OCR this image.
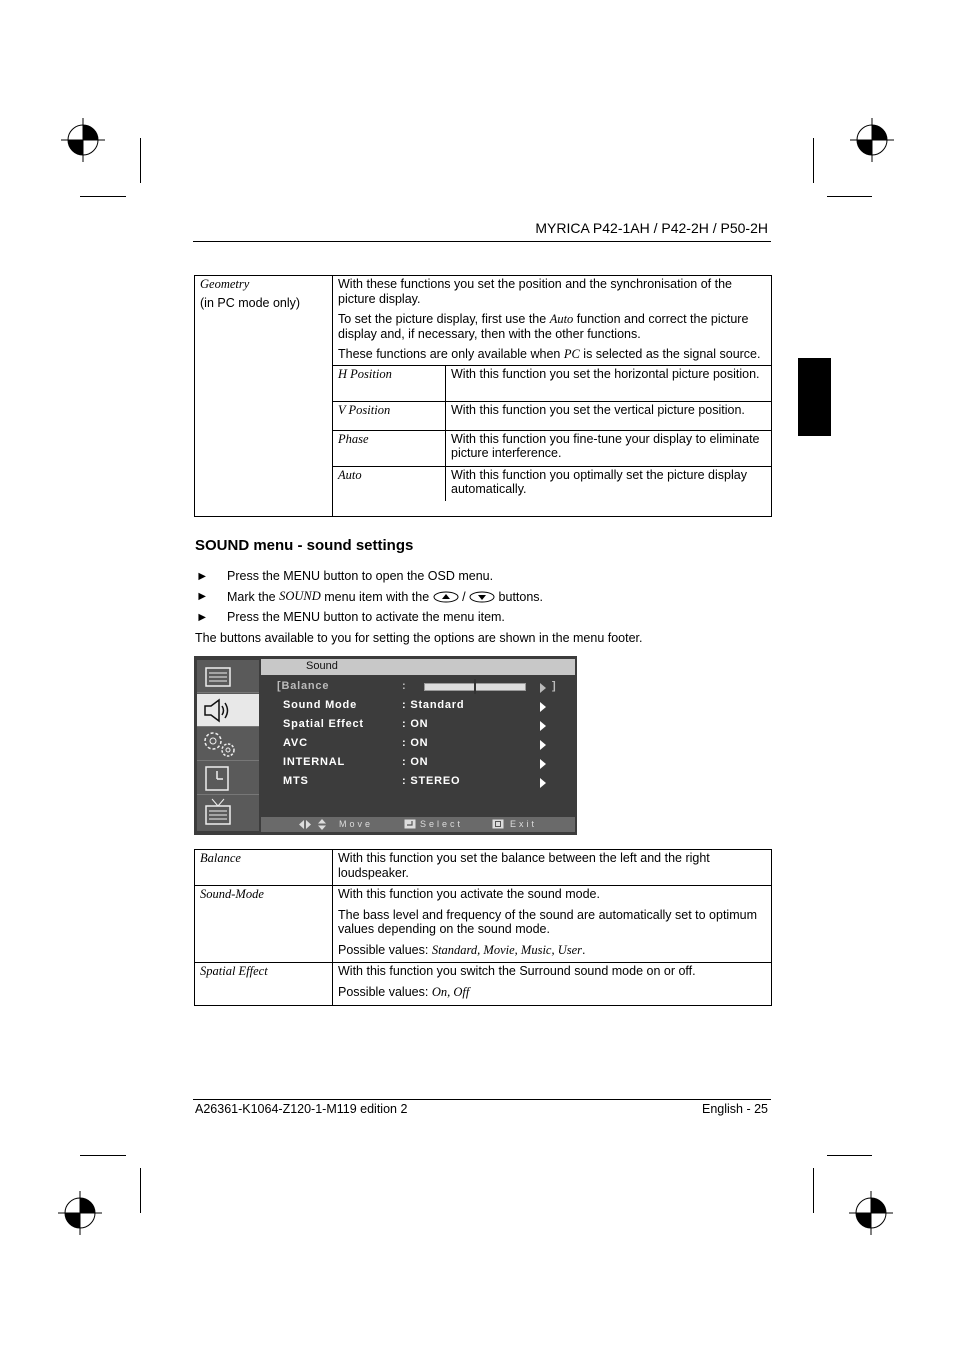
MYRICA P42-1AH / P42-2H / P50-2H
Geometry
(in PC mode only)

With these functions you set the position and the synchronisation of the picture display.

To set the picture display, first use the Auto function and correct the picture display and, if necessary, then with the other functions.

These functions are only available when PC is selected as the signal source.

H Position	With this function you set the horizontal picture position.
V Position	With this function you set the vertical picture position.
Phase	With this function you fine-tune your display to eliminate picture interference.
Auto	With this function you optimally set the picture display automatically.
SOUND menu - sound settings
► Press the MENU button to open the OSD menu.
► Mark the SOUND menu item with the / buttons.
► Press the MENU button to activate the menu item.
The buttons available to you for setting the options are shown in the menu footer.
Sound
[Balance	:	]
Sound Mode	: Standard
Spatial Effect	: ON
AVC	: ON
INTERNAL	: ON
MTS	: STEREO
Move	Select	Exit
Balance	With this function you set the balance between the left and the right loudspeaker.
Sound-Mode	With this function you activate the sound mode.

The bass level and frequency of the sound are automatically set to optimum values depending on the sound mode.

Possible values: Standard, Movie, Music, User.

Spatial Effect	With this function you switch the Surround sound mode on or off.

Possible values: On, Off

A26361-K1064-Z120-1-M119 edition 2	English - 25
